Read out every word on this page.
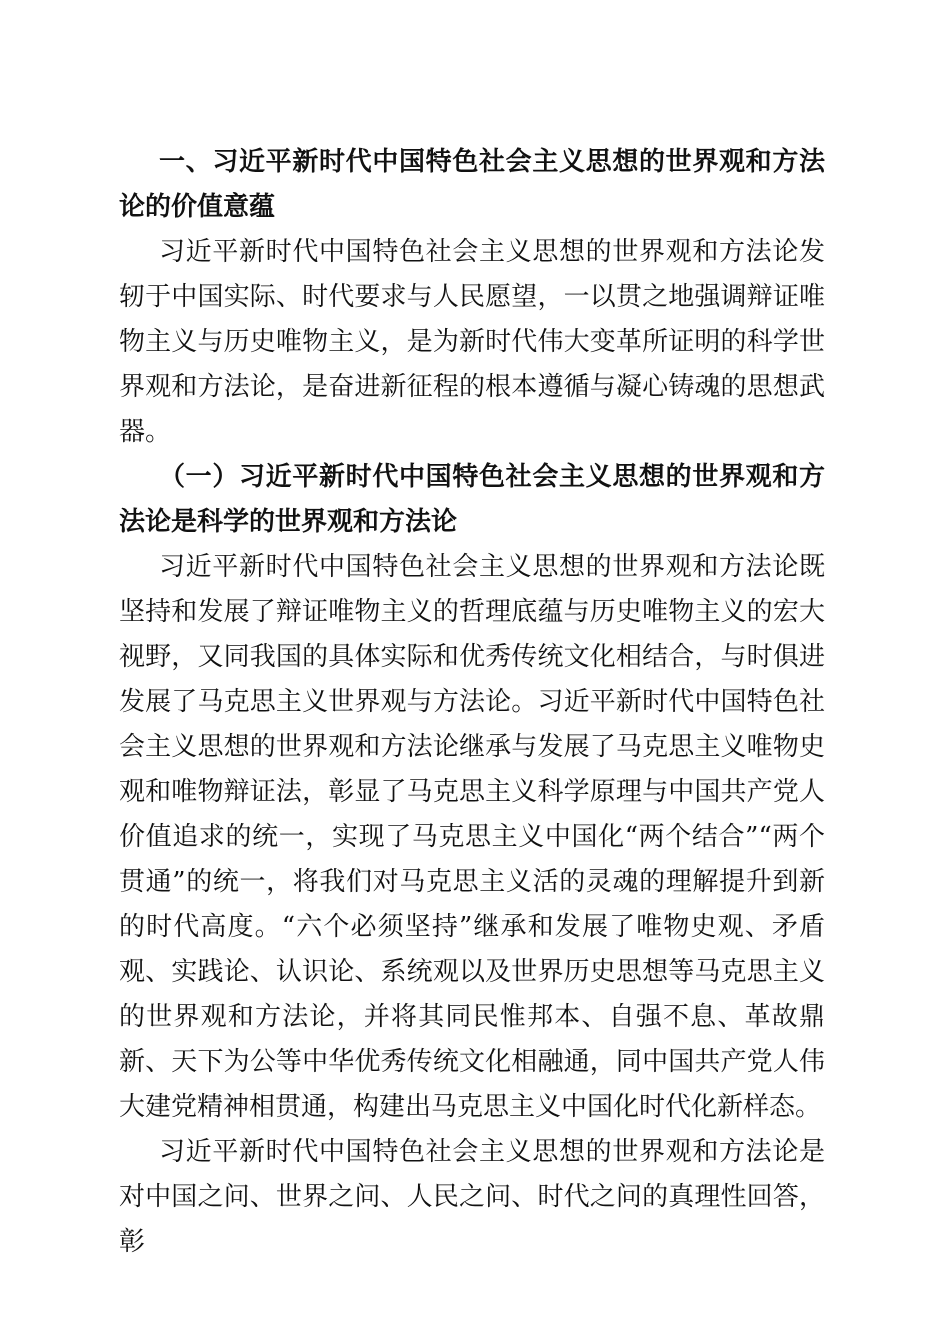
一、习近平新时代中国特色社会主义思想的世界观和方法论的价值意蕴

习近平新时代中国特色社会主义思想的世界观和方法论发轫于中国实际、时代要求与人民愿望，一以贯之地强调辩证唯物主义与历史唯物主义，是为新时代伟大变革所证明的科学世界观和方法论，是奋进新征程的根本遵循与凝心铸魂的思想武器。

（一）习近平新时代中国特色社会主义思想的世界观和方法论是科学的世界观和方法论

习近平新时代中国特色社会主义思想的世界观和方法论既坚持和发展了辩证唯物主义的哲理底蕴与历史唯物主义的宏大视野，又同我国的具体实际和优秀传统文化相结合，与时俱进发展了马克思主义世界观与方法论。习近平新时代中国特色社会主义思想的世界观和方法论继承与发展了马克思主义唯物史观和唯物辩证法，彰显了马克思主义科学原理与中国共产党人价值追求的统一，实现了马克思主义中国化“两个结合”“两个贯通”的统一，将我们对马克思主义活的灵魂的理解提升到新的时代高度。“六个必须坚持”继承和发展了唯物史观、矛盾观、实践论、认识论、系统观以及世界历史思想等马克思主义的世界观和方法论，并将其同民惟邦本、自强不息、革故鼎新、天下为公等中华优秀传统文化相融通，同中国共产党人伟大建党精神相贯通，构建出马克思主义中国化时代化新样态。

习近平新时代中国特色社会主义思想的世界观和方法论是对中国之问、世界之问、人民之问、时代之问的真理性回答，彰
